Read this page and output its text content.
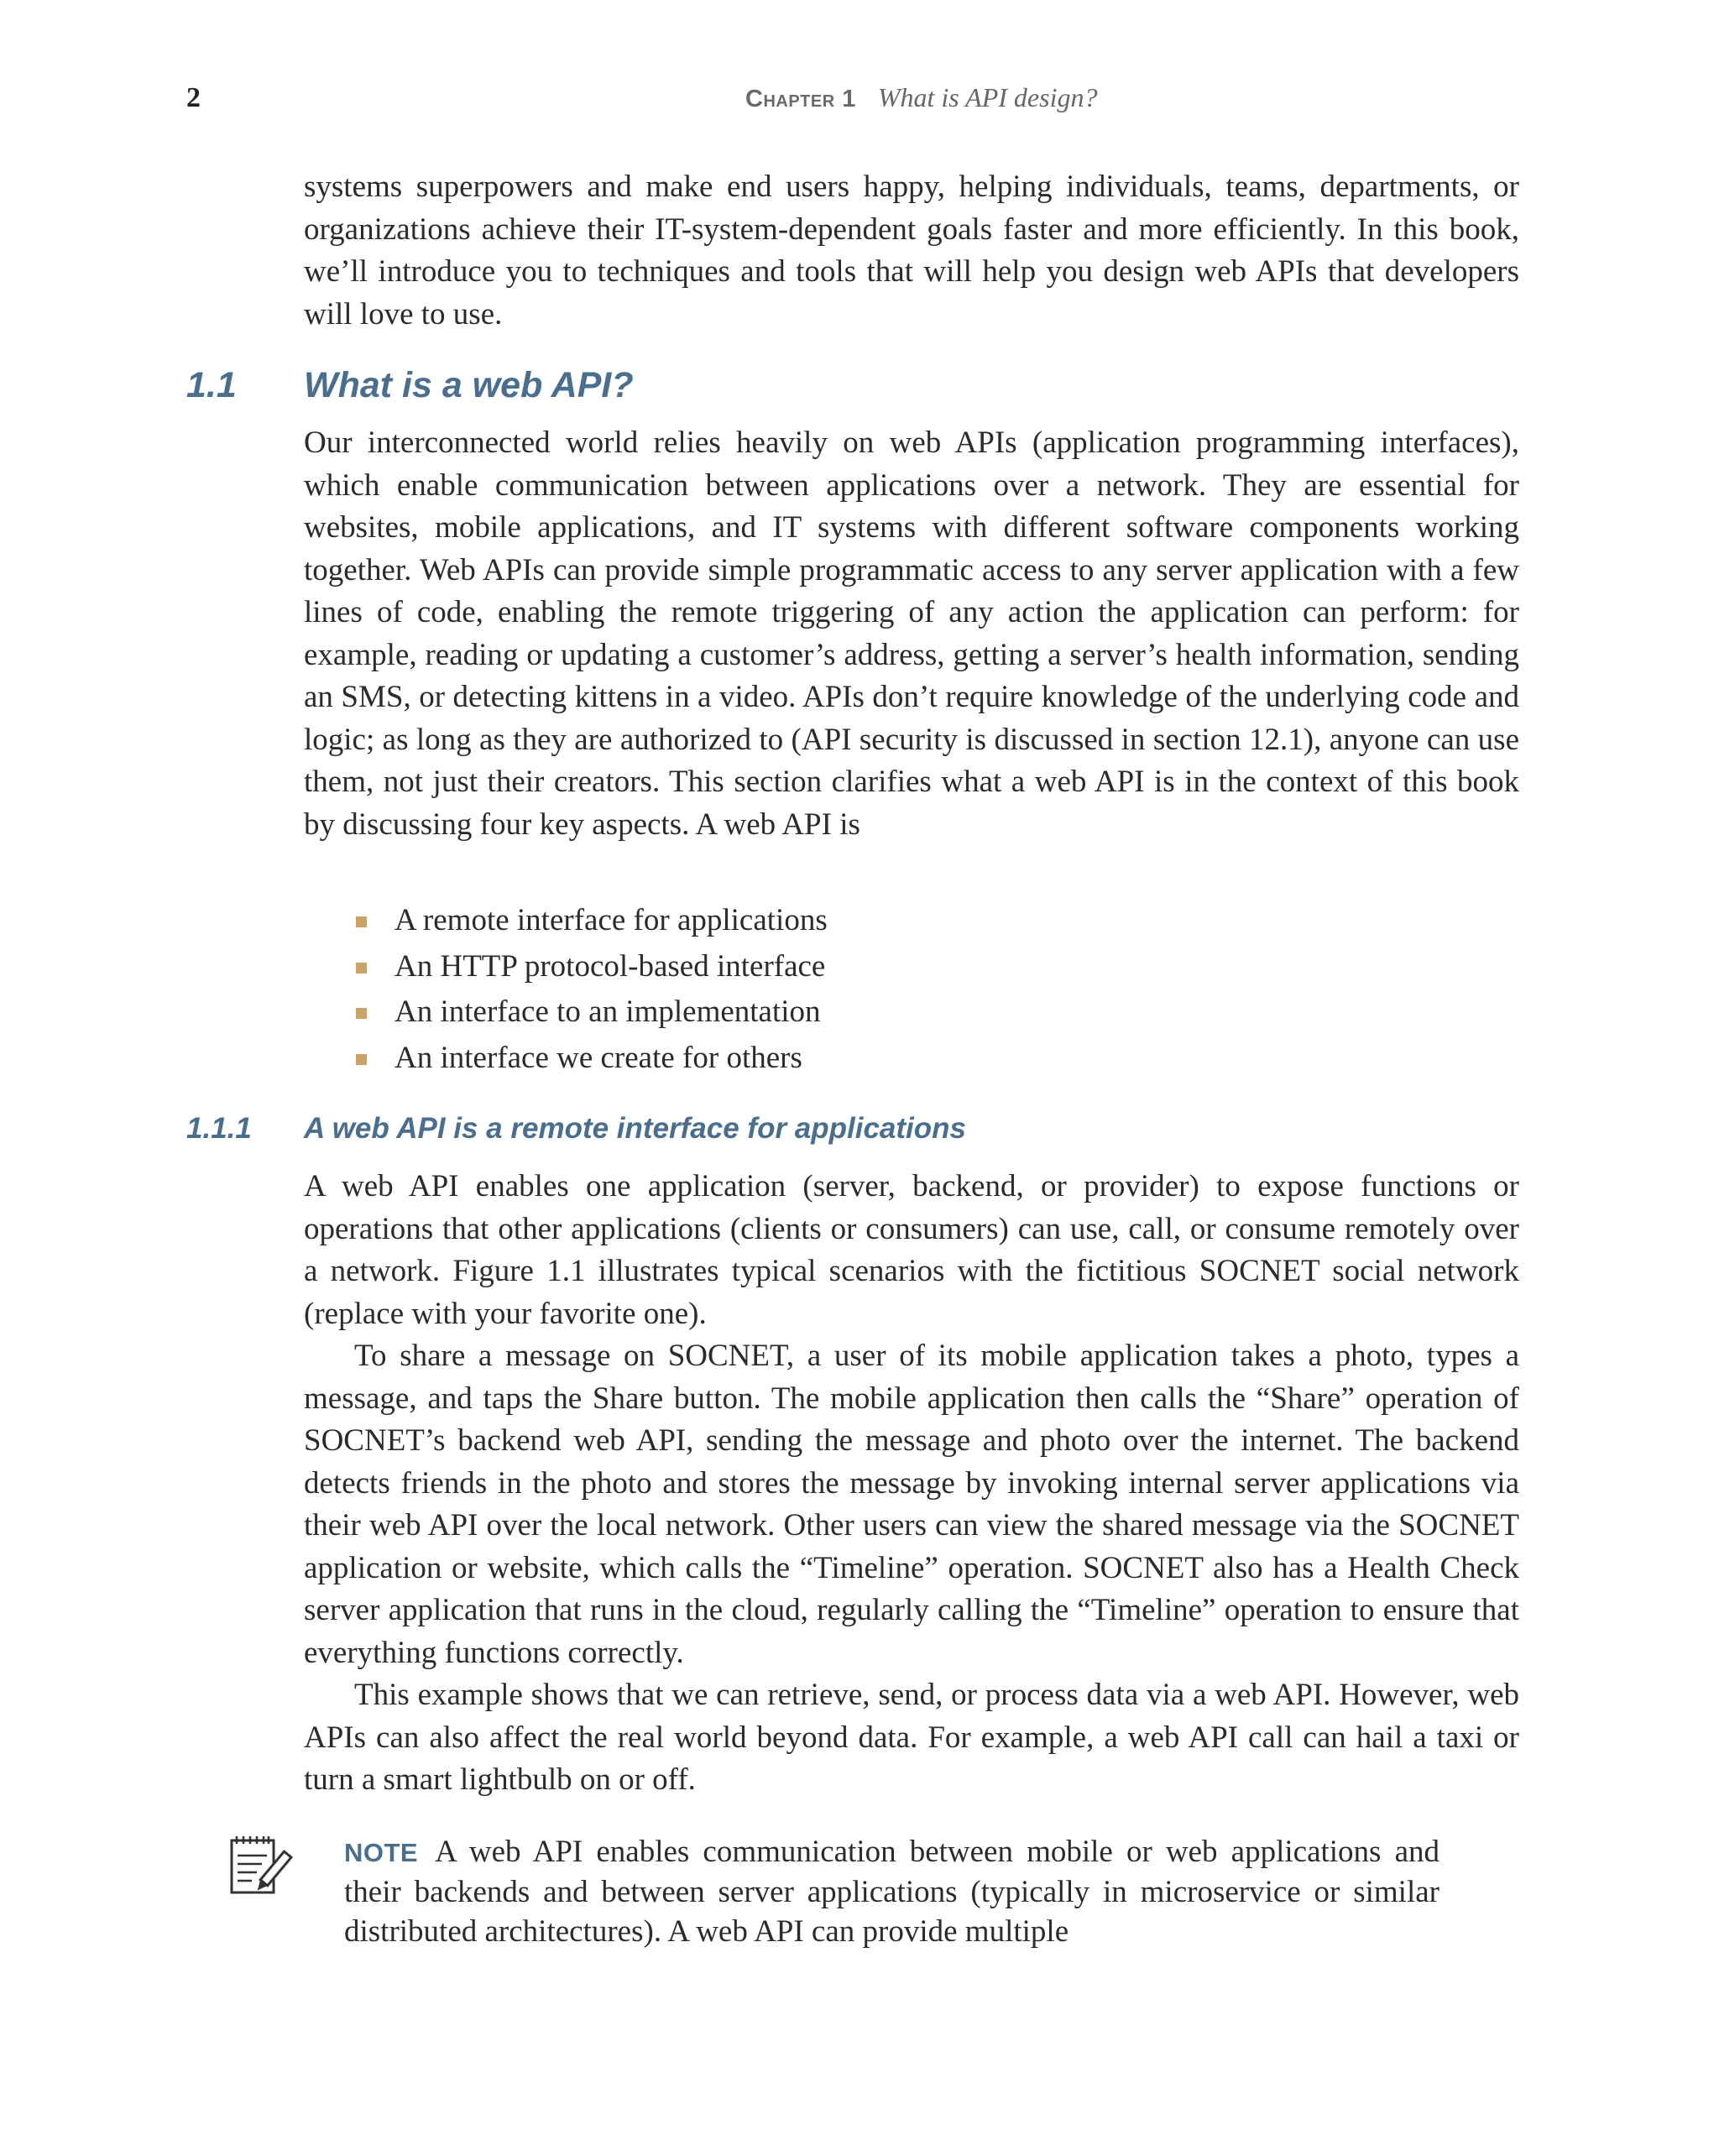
2	Chapter 1 What is API design?

systems superpowers and make end users happy, helping individuals, teams, departments, or organizations achieve their IT-system-dependent goals faster and more efficiently. In this book, we’ll introduce you to techniques and tools that will help you design web APIs that developers will love to use.

1.1 What is a web API?

Our interconnected world relies heavily on web APIs (application programming interfaces), which enable communication between applications over a network. They are essential for websites, mobile applications, and IT systems with different software components working together. Web APIs can provide simple programmatic access to any server application with a few lines of code, enabling the remote triggering of any action the application can perform: for example, reading or updating a customer’s address, getting a server’s health information, sending an SMS, or detecting kittens in a video. APIs don’t require knowledge of the underlying code and logic; as long as they are authorized to (API security is discussed in section 12.1), anyone can use them, not just their creators. This section clarifies what a web API is in the context of this book by discussing four key aspects. A web API is

A remote interface for applications
An HTTP protocol-based interface
An interface to an implementation
An interface we create for others
1.1.1 A web API is a remote interface for applications

A web API enables one application (server, backend, or provider) to expose functions or operations that other applications (clients or consumers) can use, call, or consume remotely over a network. Figure 1.1 illustrates typical scenarios with the fictitious SOCNET social network (replace with your favorite one).

To share a message on SOCNET, a user of its mobile application takes a photo, types a message, and taps the Share button. The mobile application then calls the “Share” operation of SOCNET’s backend web API, sending the message and photo over the internet. The backend detects friends in the photo and stores the message by invoking internal server applications via their web API over the local network. Other users can view the shared message via the SOCNET application or website, which calls the “Timeline” operation. SOCNET also has a Health Check server application that runs in the cloud, regularly calling the “Timeline” operation to ensure that everything functions correctly.

This example shows that we can retrieve, send, or process data via a web API. However, web APIs can also affect the real world beyond data. For example, a web API call can hail a taxi or turn a smart lightbulb on or off.

NOTE A web API enables communication between mobile or web applications and their backends and between server applications (typically in microservice or similar distributed architectures). A web API can provide multiple
